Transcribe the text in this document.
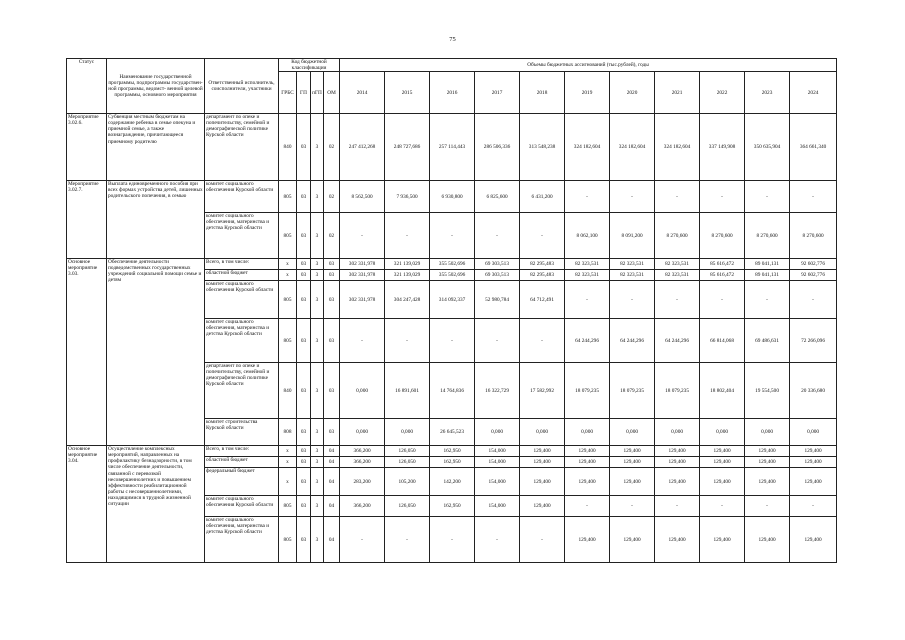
75
Статус	Наименование государственной программы, подпрограммы государствен- ной программы, ведомст- венной целевой программы, основного мероприятия	Ответственный исполнитель, соисполнители, участники	Код бюджетной классификации				Объемы бюджетных ассигнований (тыс.рублей), годы										
			ГРБС	ГП	пГП	ОМ	2014	2015	2016	2017	2018	2019	2020	2021	2022	2023	2024
Мероприятие 3.02.6.	Субвенция местным бюджетам на содержание ребенка в семье опекуна и приемной семье, а также вознаграждение, причитающееся приемному родителю	департамент по опеке и попечительству, семейной и демографической политике Курской области	840	03	3	02	247 412,268	248 727,686	257 114,443	286 506,336	313 548,238	324 182,604	324 182,604	324 182,604	337 149,908	350 635,904	364 661,340
Мероприятие 3.02.7.	Выплата единовременного пособия при всех формах устройства детей, лишенных родительского попечения, в семью	комитет социального обеспечения Курской области	805	03	3	02	8 562,500	7 936,500	6 930,800	6 825,600	6 431,200	-	-	-	-	-	-
		комитет социального обеспечения, материнства и детства Курской области	805	03	3	02	-	-	-	-	-	8 062,100	8 091,200	8 270,600	8 270,600	8 270,600	8 270,600
Основное мероприятие 3.03.	Обеспечение деятельности подведомственных государственных учреждений социальной помощи семье и детям	Всего, в том числе:	х	03	3	03	302 331,978	321 139,029	355 502,696	69 303,513	82 295,483	82 323,531	82 323,531	82 323,531	85 616,472	89 041,131	92 602,776
		областной бюджет	х	03	3	03	302 331,978	321 139,029	355 502,696	69 303,513	82 295,483	82 323,531	82 323,531	82 323,531	85 616,472	89 041,131	92 602,776
		комитет социального обеспечения Курской области	805	03	3	03	302 331,978	304 247,428	314 092,337	52 980,784	64 712,491	-	-	-	-	-	-
		комитет социального обеспечения, материнства и детства Курской области	805	03	3	03	-	-	-	-	-	64 244,296	64 244,296	64 244,296	66 814,068	69 486,631	72 266,096
		департамент по опеке и попечительству, семейной и демографической политике Курской области	840	03	3	03	0,000	16 891,601	14 764,836	16 322,729	17 582,992	18 079,235	18 079,235	18 079,235	18 802,404	19 554,500	20 336,680
		комитет строительства Курской области	808	03	3	03	0,000	0,000	26 645,523	0,000	0,000	0,000	0,000	0,000	0,000	0,000	0,000
Основное мероприятие 3.04.	Осуществление комплексных мероприятий, направленных на профилактику безнадзорности, в том числе обеспечение деятельности, связанной с перевозкой несовершеннолетних и повышением эффективности реабилитационной работы с несовершеннолетними, находящимися в трудной жизненной ситуации	Всего, в том числе:	х	03	3	04	366,200	126,050	162,950	154,000	129,400	129,400	129,400	129,400	129,400	129,400	129,400
		областной бюджет	х	03	3	04	366,200	126,050	162,950	154,000	129,400	129,400	129,400	129,400	129,400	129,400	129,400
		федеральный бюджет	х	03	3	04	283,200	105,200	142,200	154,000	129,400	129,400	129,400	129,400	129,400	129,400	129,400
		комитет социального обеспечения Курской области	805	03	3	04	366,200	126,050	162,950	154,000	129,400	-	-	-	-	-	-
		комитет социального обеспечения, материнства и детства Курской области	805	03	3	04	-	-	-	-	-	129,400	129,400	129,400	129,400	129,400	129,400
